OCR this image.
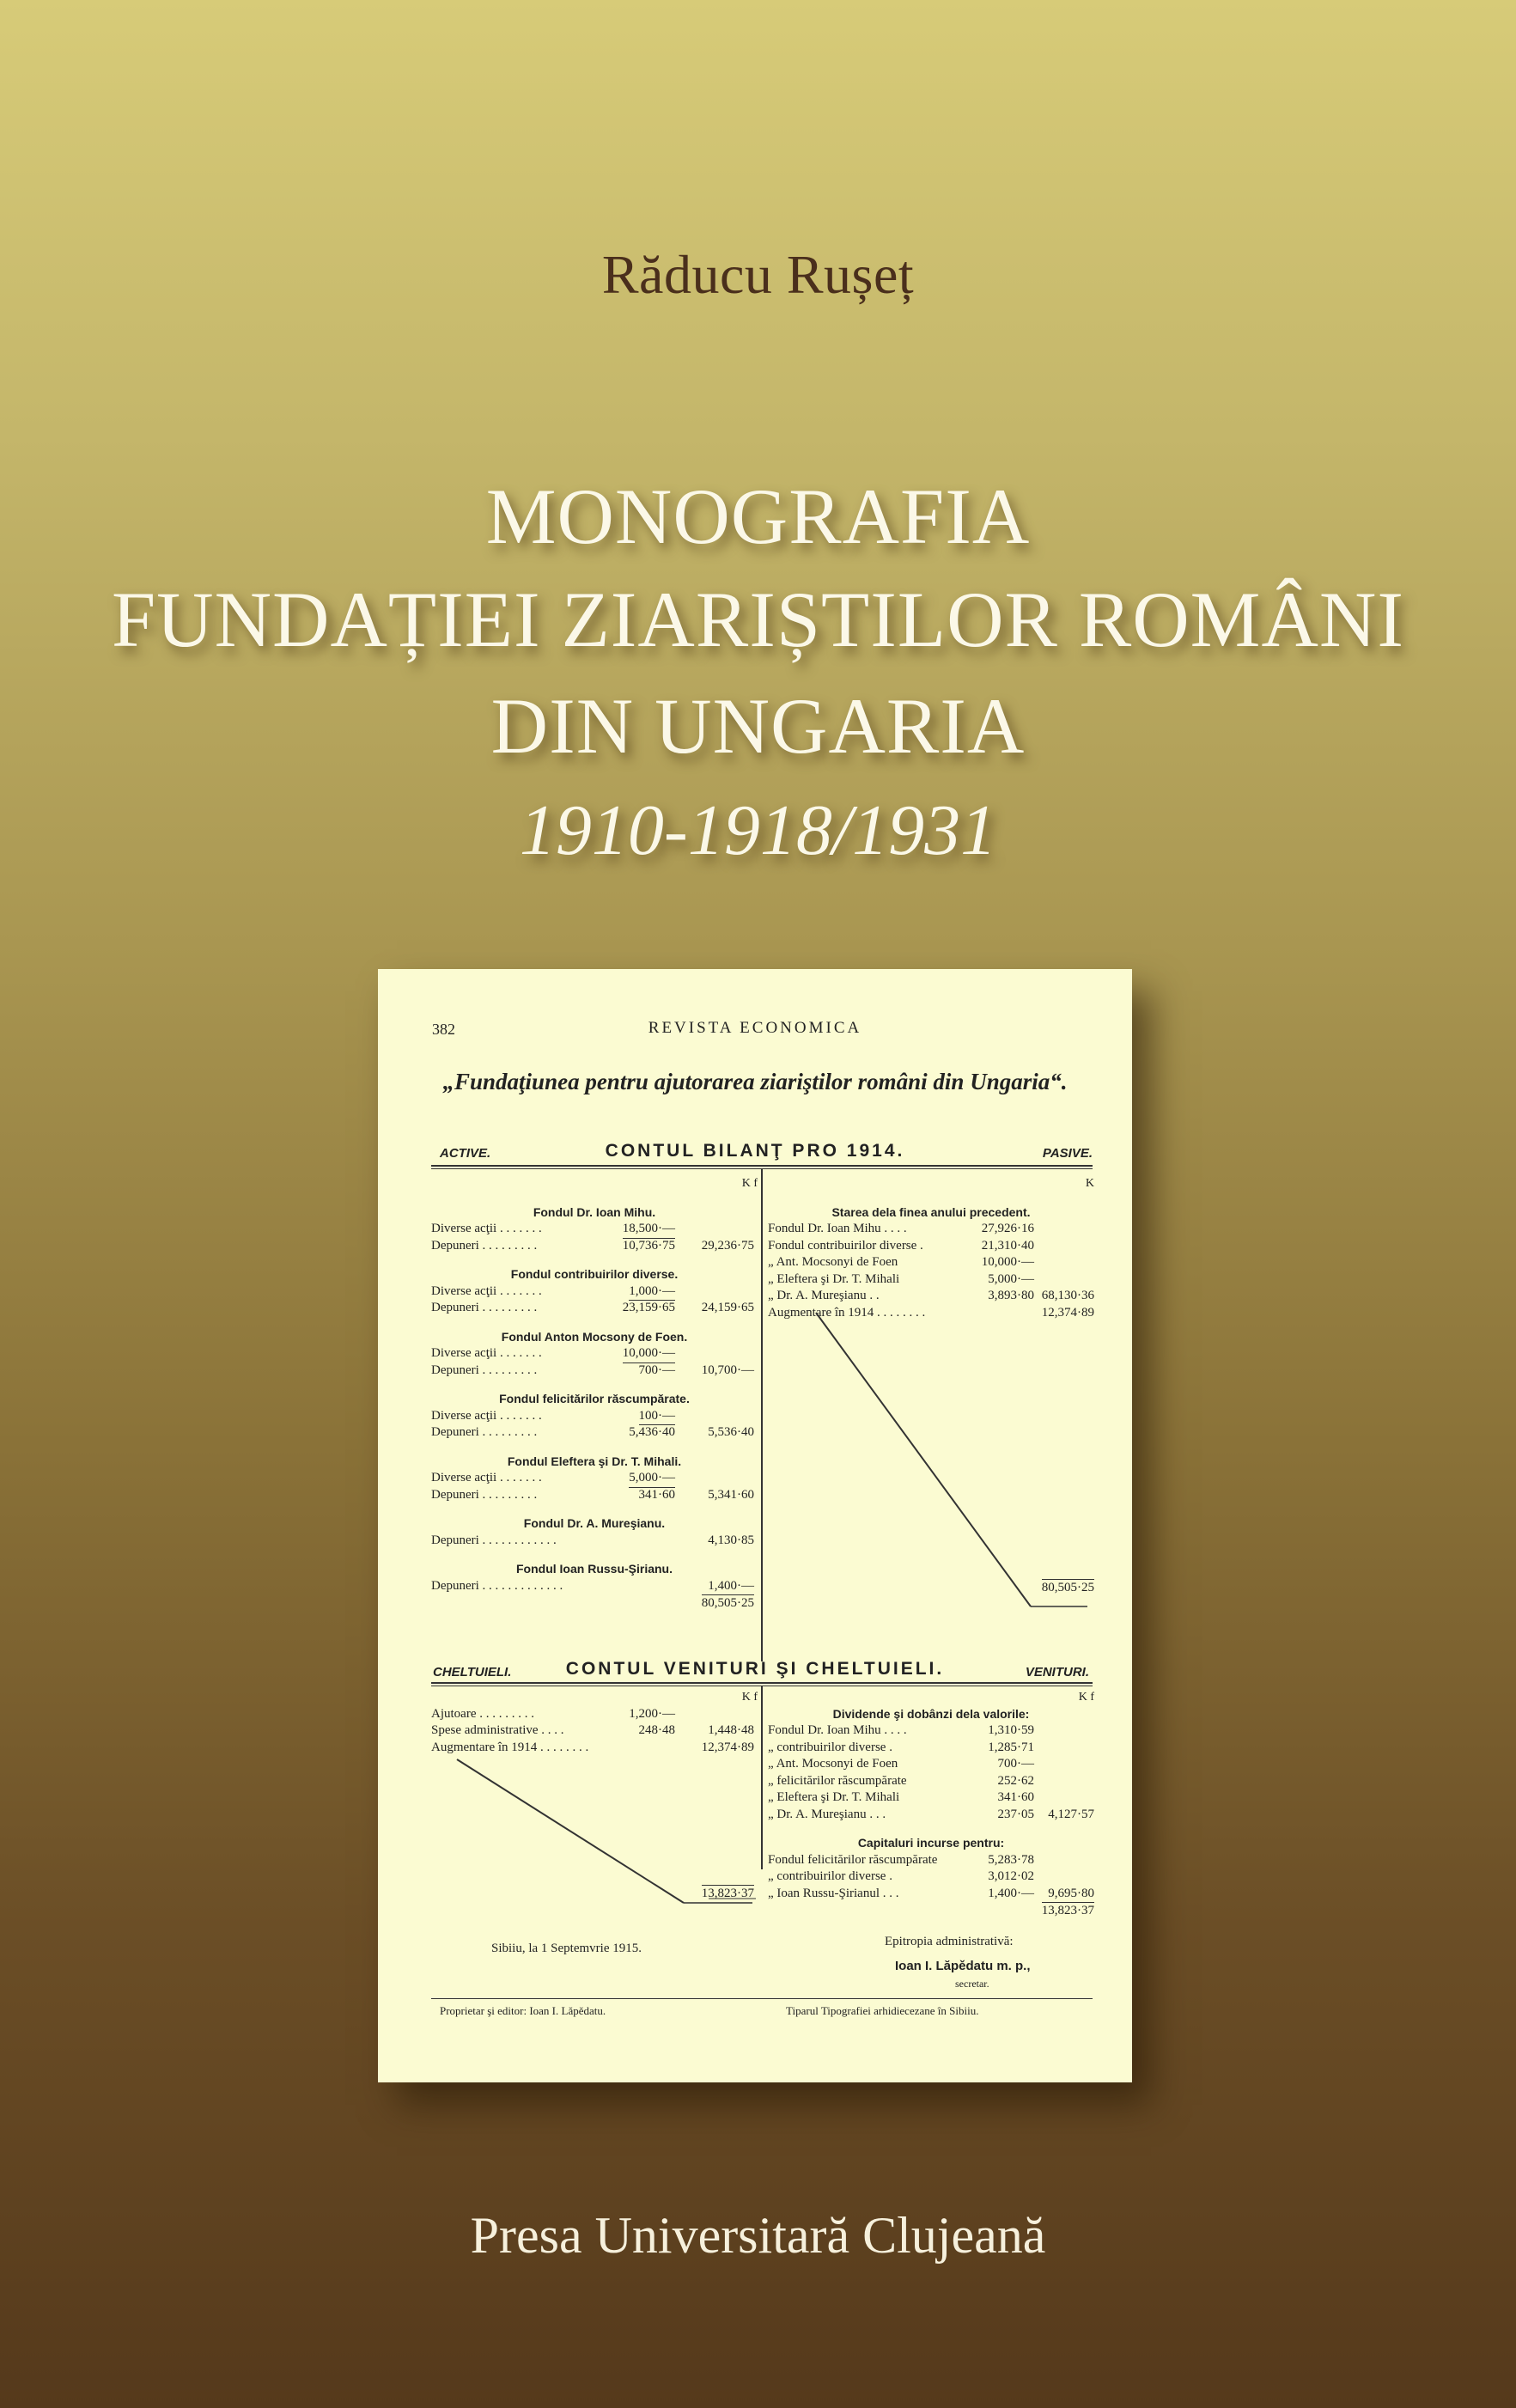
Răducu Rușeț
MONOGRAFIA
FUNDAȚIEI ZIARIȘTILOR ROMÂNI
DIN UNGARIA
1910-1918/1931
382	REVISTA ECONOMICA
„Fundaţiunea pentru ajutorarea ziariştilor români din Ungaria“.
ACTIVE.	CONTUL BILANŢ PRO 1914.	PASIVE.
K f
Fondul Dr. Ioan Mihu.
Diverse acţii . . . . . . .	18,500·—
Depuneri . . . . . . . . .	10,736·75 29,236·75
Fondul contribuirilor diverse.
Diverse acţii . . . . . . .	1,000·—
Depuneri . . . . . . . . .	23,159·65 24,159·65
Fondul Anton Mocsony de Foen.
Diverse acţii . . . . . . .	10,000·—
Depuneri . . . . . . . . .	700·— 10,700·—
Fondul felicitărilor răscumpărate.
Diverse acţii . . . . . . .	100·—
Depuneri . . . . . . . . .	5,436·40	5,536·40
Fondul Eleftera şi Dr. T. Mihali.
Diverse acţii . . . . . . .	5,000·—
Depuneri . . . . . . . . .	341·60	5,341·60
Fondul Dr. A. Mureşianu.
Depuneri . . . . . . . . . . . .	4,130·85
Fondul Ioan Russu-Şirianu.
Depuneri . . . . . . . . . . . . .	1,400·—
80,505·25
K
Starea dela finea anului precedent.
Fondul Dr. Ioan Mihu . . . .	27,926·16
Fondul contribuirilor diverse .	21,310·40
„ Ant. Mocsonyi de Foen	10,000·—
„ Eleftera şi Dr. T. Mihali	5,000·—
„ Dr. A. Mureşianu . .	3,893·80 68,130·36
Augmentare în 1914 . . . . . . . .	12,374·89
80,505·25
CHELTUIELI.	CONTUL VENITURI ŞI CHELTUIELI.	VENITURI.
K f
Ajutoare . . . . . . . . .	1,200·—
Spese administrative . . . .	248·48	1,448·48
Augmentare în 1914 . . . . . . . .	12,374·89
13,823·37
K f
Dividende şi dobânzi dela valorile:
Fondul Dr. Ioan Mihu . . . .	1,310·59
„ contribuirilor diverse .	1,285·71
„ Ant. Mocsonyi de Foen	700·—
„ felicitărilor răscumpărate	252·62
„ Eleftera şi Dr. T. Mihali	341·60
„ Dr. A. Mureşianu . . .	237·05 4,127·57
Capitaluri incurse pentru:
Fondul felicitărilor răscumpărate	5,283·78
„ contribuirilor diverse .	3,012·02
„ Ioan Russu-Şirianul . . .	1,400·— 9,695·80
13,823·37
Sibiiu, la 1 Septemvrie 1915.	Epitropia administrativă:
Ioan I. Lăpědatu m. p.,
secretar.
Proprietar şi editor: Ioan I. Lăpědatu.	Tiparul Tipografiei arhidiecezane în Sibiiu.
Presa Universitară Clujeană
